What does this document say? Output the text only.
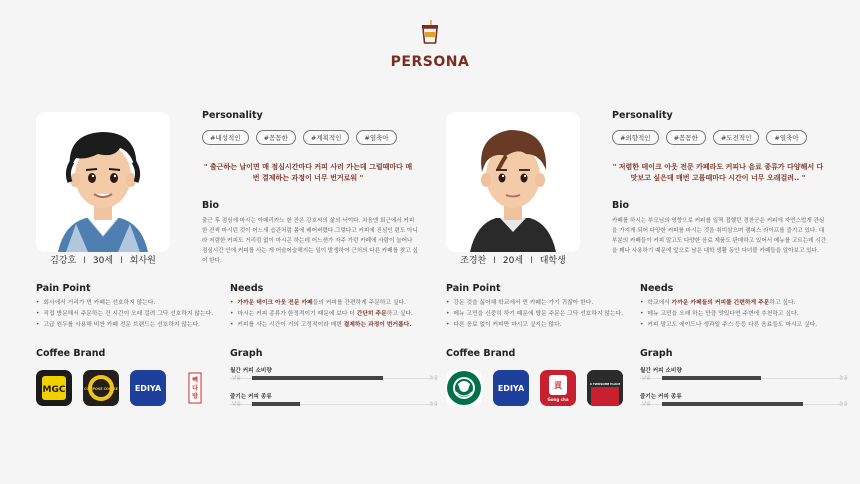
PERSONA
김강호 I 30세 I 회사원
Personality
#내성적인	#꼼꼼한	#계획적인	#열축아
" 출근하는 날이면 매 점심시간마다 커피 사러 가는데 그럴때마다 매번 결제하는 과정이 너무 번거로워 "
Bio
출근 후 점심에 마시는 아메리카노 한 잔은 강호씨의 삶의 낙이다. 처음엔 회근에서 커피 한 잔씩 마시던 것이 어느새 습관처럼 몸에 배어버렸다.그렇다고 커피에 진심인 편도 아니라 저렴한 커피도 거리낌 없이 마시곤 하는데 어느샌가 자주 가던 카페에 사람이 늘어나 점심시간 안에 커피를 사는 게 어슬어슬해지는 일이 발생하여 근처의 다른 카페를 찾고 싶어 한다.
Pain Point
• 회사에서 거리가 먼 카페는 선호하지 않는다.
• 직접 방문해서 주문하는 건 시간이 오래 걸려 그닥 선호하지 않는다.
• 고급 원두를 사용해 비싼 카페 전문 브랜드는 선호하지 않는다.
Needs
• 가까운 테이크 아웃 전문 카페들의 커피를 간편하게 주문하고 싶다.
• 마시는 커피 종류가 한정적이기 때문에 보다 더 간단히 주문하고 싶다.
• 커피를 사는 시간이 거의 고정적이라 매번 결제하는 과정이 번거롭다.
Coffee Brand
MGC	COMPOSE COFFEE EDIYA
빽
다
방
Graph
월간 커피 소비량
낮음	높음
즐기는 커피 종류
낮음	높음
조경찬 I 20세 I 대학생
Personality
#외향적인	#꼼꼼한	#도전적인	#열축아
" 저렴한 테이크 아웃 전문 카페라도 커피나 음료 종류가 다양해서 다 맛보고 싶은데 매번 고를때마다 시간이 너무 오래걸려.. "
Bio
카페를 하시는 부모님의 영향으로 커피를 일찍 접했던 경찬군은 커피에 자연스럽게 관심을 가지게 되어 다양한 커피를 마시는 것을 취미삼으며 캠퍼스 라이프를 즐기고 있다. 대부분의 카페들이 커피 말고도 다양한 음료 제품도 판매하고 있어서 메뉴를 고르는데 시간을 꽤나 사용하기 때문에 앞으로 남은 대학 생활 동안 다녀볼 카페들을 알아보고 있다.
Pain Point
• 강돈 것을 싫어해 학교에서 먼 카페는 가기 귀찮아 한다.
• 메뉴 고민을 신중히 하기 때문에 방문 주문은 그닥 선호하지 않는다.
• 다른 음료 없이 커피만 마시고 싶지는 않다.
Needs
• 학교에서 가까운 카페들의 커피를 간편하게 주문하고 싶다.
• 메뉴 고민을 오래 하는 만큼 맛있다면 주변에 추천하고 싶다.
• 커피 말고도 에이드나 생과일 주스 등등 다른 음료들도 마시고 싶다.
Coffee Brand
EDIYA	貢
Gong cha
A TWOSOME PLACE
Graph
월간 커피 소비량
낮음	높음
즐기는 커피 종류
낮음	높음
